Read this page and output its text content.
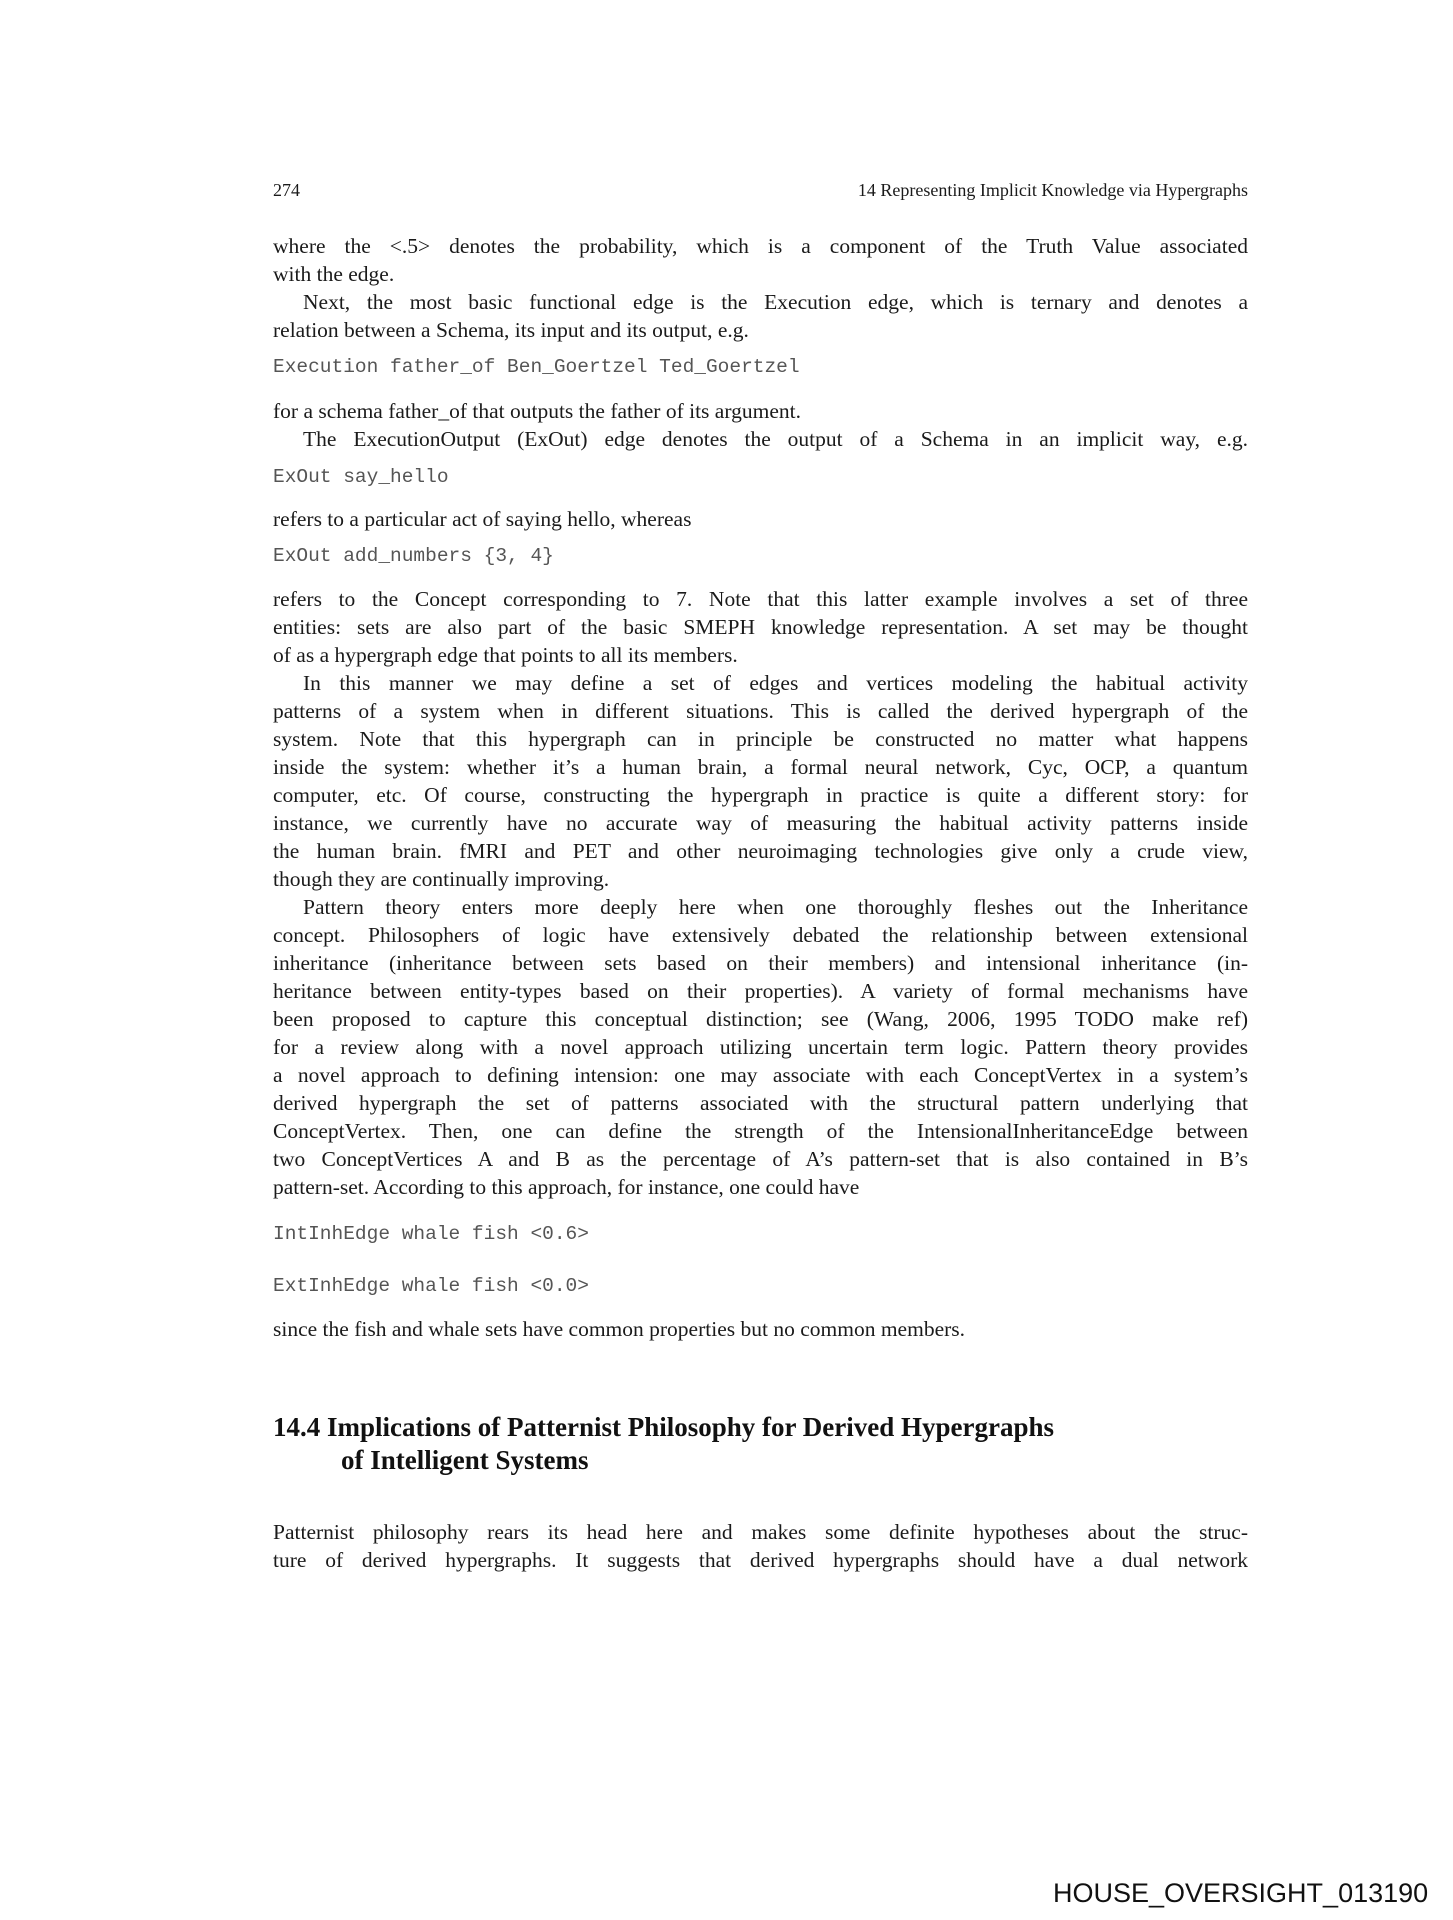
274	14 Representing Implicit Knowledge via Hypergraphs
where the <.5> denotes the probability, which is a component of the Truth Value associated
with the edge.
Next, the most basic functional edge is the Execution edge, which is ternary and denotes a
relation between a Schema, its input and its output, e.g.
Execution father_of Ben_Goertzel Ted_Goertzel
for a schema father_of that outputs the father of its argument.
The ExecutionOutput (ExOut) edge denotes the output of a Schema in an implicit way, e.g.
ExOut say_hello
refers to a particular act of saying hello, whereas
ExOut add_numbers {3, 4}
refers to the Concept corresponding to 7. Note that this latter example involves a set of three
entities: sets are also part of the basic SMEPH knowledge representation. A set may be thought
of as a hypergraph edge that points to all its members.
In this manner we may define a set of edges and vertices modeling the habitual activity
patterns of a system when in different situations. This is called the derived hypergraph of the
system. Note that this hypergraph can in principle be constructed no matter what happens
inside the system: whether it’s a human brain, a formal neural network, Cyc, OCP, a quantum
computer, etc. Of course, constructing the hypergraph in practice is quite a different story: for
instance, we currently have no accurate way of measuring the habitual activity patterns inside
the human brain. fMRI and PET and other neuroimaging technologies give only a crude view,
though they are continually improving.
Pattern theory enters more deeply here when one thoroughly fleshes out the Inheritance
concept. Philosophers of logic have extensively debated the relationship between extensional
inheritance (inheritance between sets based on their members) and intensional inheritance (in-
heritance between entity-types based on their properties). A variety of formal mechanisms have
been proposed to capture this conceptual distinction; see (Wang, 2006, 1995 TODO make ref)
for a review along with a novel approach utilizing uncertain term logic. Pattern theory provides
a novel approach to defining intension: one may associate with each ConceptVertex in a system’s
derived hypergraph the set of patterns associated with the structural pattern underlying that
ConceptVertex. Then, one can define the strength of the IntensionalInheritanceEdge between
two ConceptVertices A and B as the percentage of A’s pattern-set that is also contained in B’s
pattern-set. According to this approach, for instance, one could have
IntInhEdge whale fish <0.6>
ExtInhEdge whale fish <0.0>
since the fish and whale sets have common properties but no common members.
14.4 Implications of Patternist Philosophy for Derived Hypergraphs
of Intelligent Systems
Patternist philosophy rears its head here and makes some definite hypotheses about the struc-
ture of derived hypergraphs. It suggests that derived hypergraphs should have a dual network
HOUSE_OVERSIGHT_013190
